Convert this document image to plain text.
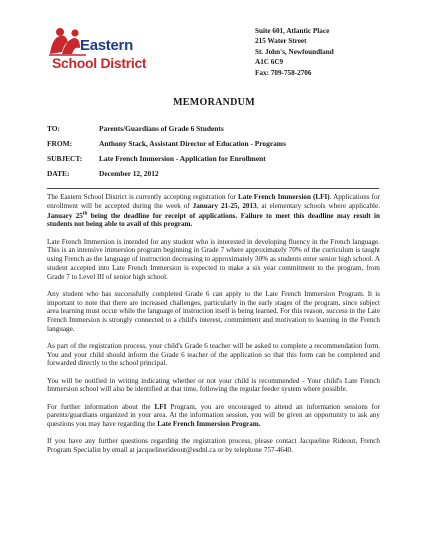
Eastern
School District
Suite 601, Atlantic Place
215 Water Street
St. John's, Newfoundland
A1C 6C9
Fax: 709-758-2706
MEMORANDUM
TO:	Parents/Guardians of Grade 6 Students
FROM:	Anthony Stack, Assistant Director of Education - Programs
SUBJECT: Late French Immersion - Application for Enrollment
DATE:	December 12, 2012

The Eastern School District is currently accepting registration for Late French Immersion (LFI). Applications for enrollment will be accepted during the week of January 21-25, 2013, at elementary schools where applicable. January 25th being the deadline for receipt of applications. Failure to meet this deadline may result in students not being able to avail of this program.

Late French Immersion is intended for any student who is interested in developing fluency in the French language. This is an intensive immersion program beginning in Grade 7 where approximately 70% of the curriculum is taught using French as the language of instruction decreasing to approximately 30% as students enter senior high school. A student accepted into Late French Immersion is expected to make a six year commitment to the program, from Grade 7 to Level III of senior high school.

Any student who has successfully completed Grade 6 can apply to the Late French Immersion Program. It is important to note that there are increased challenges, particularly in the early stages of the program, since subject area learning must occur while the language of instruction itself is being learned. For this reason, success in the Late French Immersion is strongly connected to a child's interest, commitment and motivation to learning in the French language.

As part of the registration process, your child's Grade 6 teacher will be asked to complete a recommendation form. You and your child should inform the Grade 6 teacher of the application so that this form can be completed and forwarded directly to the school principal.

You will be notified in writing indicating whether or not your child is recommended - Your child's Late French Immersion school will also be identified at that time, following the regular feeder system where possible.

For further information about the LFI Program, you are encouraged to attend an information sessions for parents/guardians organized in your area. At the information session, you will be given an opportunity to ask any questions you may have regarding the Late French Immersion Program.

If you have any further questions regarding the registration process, please contact Jacqueline Rideout, French Program Specialist by email at jacquelinerideout@esdnl.ca or by telephone 757-4640.
